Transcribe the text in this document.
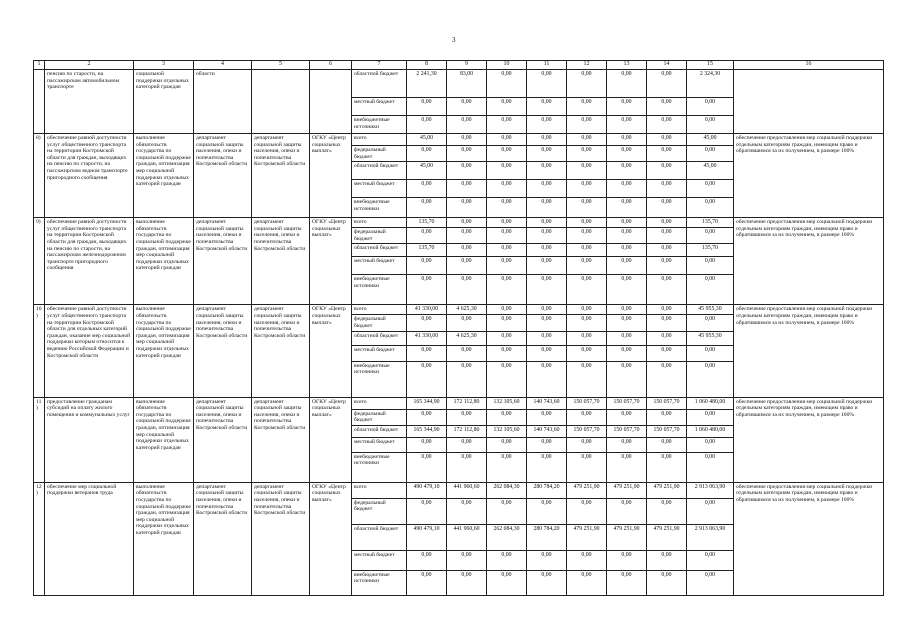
3
1	2	3	4	5	6	7	8	9	10	11	12	13	14	15	16
	пенсию по старости, на пассажирском автомобильном транспорте	социальной поддержки отдельных категорий граждан	области			областной бюджет	2 241,30	83,00	0,00	0,00	0,00	0,00	0,00	2 324,30	
						местный бюджет	0,00	0,00	0,00	0,00	0,00	0,00	0,00	0,00	
						внебюджетные источники	0,00	0,00	0,00	0,00	0,00	0,00	0,00	0,00	
8)	обеспечение равной доступности услуг общественного транспорта на территории Костромской области для граждан, выходящих на пенсию по старости, на пассажирском водном транспорте пригородного сообщения	выполнение обязательств государства по социальной поддержке граждан, оптимизация мер социальной поддержки отдельных категорий граждан	департамент социальной защиты населения, опеки и попечительства Костромской области	департамент социальной защиты населения, опеки и попечительства Костромской области	ОГКУ «Центр социальных выплат»	всего	45,00	0,00	0,00	0,00	0,00	0,00	0,00	45,00	обеспечение предоставления мер социальной поддержки отдельным категориям граждан, имеющим право и обратившимся за их получением, в размере 100%
						федеральный бюджет	0,00	0,00	0,00	0,00	0,00	0,00	0,00	0,00	
						областной бюджет	45,00	0,00	0,00	0,00	0,00	0,00	0,00	45,00	
						местный бюджет	0,00	0,00	0,00	0,00	0,00	0,00	0,00	0,00	
						внебюджетные источники	0,00	0,00	0,00	0,00	0,00	0,00	0,00	0,00	
9)	обеспечение равной доступности услуг общественного транспорта на территории Костромской области для граждан, выходящих на пенсию по старости, на пассажирском железнодорожном транспорте пригородного сообщения	выполнение обязательств государства по социальной поддержке граждан, оптимизация мер социальной поддержки отдельных категорий граждан	департамент социальной защиты населения, опеки и попечительства Костромской области	департамент социальной защиты населения, опеки и попечительства Костромской области	ОГКУ «Центр социальных выплат»	всего	135,70	0,00	0,00	0,00	0,00	0,00	0,00	135,70	обеспечение предоставления мер социальной поддержки отдельным категориям граждан, имеющим право и обратившимся за их получением, в размере 100%
						федеральный бюджет	0,00	0,00	0,00	0,00	0,00	0,00	0,00	0,00	
						областной бюджет	135,70	0,00	0,00	0,00	0,00	0,00	0,00	135,70	
						местный бюджет	0,00	0,00	0,00	0,00	0,00	0,00	0,00	0,00	
						внебюджетные источники	0,00	0,00	0,00	0,00	0,00	0,00	0,00	0,00	
10)	обеспечение равной доступности услуг общественного транспорта на территории Костромской области для отдельных категорий граждан, оказание мер социальной поддержки которым относится к ведению Российской Федерации и Костромской области	выполнение обязательств государства по социальной поддержке граждан, оптимизация мер социальной поддержки отдельных категорий граждан	департамент социальной защиты населения, опеки и попечительства Костромской области	департамент социальной защиты населения, опеки и попечительства Костромской области	ОГКУ «Центр социальных выплат»	всего	41 330,00	4 625,30	0,00	0,00	0,00	0,00	0,00	45 955,30	обеспечение предоставления мер социальной поддержки отдельным категориям граждан, имеющим право и обратившимся за их получением, в размере 100%
						федеральный бюджет	0,00	0,00	0,00	0,00	0,00	0,00	0,00	0,00	
						областной бюджет	41 330,00	4 625,30	0,00	0,00	0,00	0,00	0,00	45 955,30	
						местный бюджет	0,00	0,00	0,00	0,00	0,00	0,00	0,00	0,00	
						внебюджетные источники	0,00	0,00	0,00	0,00	0,00	0,00	0,00	0,00	
11)	предоставление гражданам субсидий на оплату жилого помещения и коммунальных услуг	выполнение обязательств государства по социальной поддержке граждан, оптимизация мер социальной поддержки отдельных категорий граждан	департамент социальной защиты населения, опеки и попечительства Костромской области	департамент социальной защиты населения, опеки и попечительства Костромской области	ОГКУ «Центр социальных выплат»	всего	165 344,90	172 112,80	132 105,60	140 743,60	150 057,70	150 057,70	150 057,70	1 060 480,00	обеспечение предоставления мер социальной поддержки отдельным категориям граждан, имеющим право и обратившимся за их получением, в размере 100%
						федеральный бюджет	0,00	0,00	0,00	0,00	0,00	0,00	0,00	0,00	
						областной бюджет	165 344,90	172 112,80	132 105,60	140 743,60	150 057,70	150 057,70	150 057,70	1 060 480,00	
						местный бюджет	0,00	0,00	0,00	0,00	0,00	0,00	0,00	0,00	
						внебюджетные источники	0,00	0,00	0,00	0,00	0,00	0,00	0,00	0,00	
12)	обеспечение мер социальной поддержки ветеранов труда	выполнение обязательств государства по социальной поддержке граждан, оптимизация мер социальной поддержки отдельных категорий граждан	департамент социальной защиты населения, опеки и попечительства Костромской области	департамент социальной защиты населения, опеки и попечительства Костромской области	ОГКУ «Центр социальных выплат»	всего	490 479,10	441 960,60	262 084,30	280 784,20	479 251,90	479 251,90	479 251,90	2 913 063,90	обеспечение предоставления мер социальной поддержки отдельным категориям граждан, имеющим право и обратившимся за их получением, в размере 100%
						федеральный бюджет	0,00	0,00	0,00	0,00	0,00	0,00	0,00	0,00	
						областной бюджет	490 479,10	441 960,60	262 084,30	280 784,20	479 251,90	479 251,90	479 251,90	2 913 063,90	
						местный бюджет	0,00	0,00	0,00	0,00	0,00	0,00	0,00	0,00	
						внебюджетные источники	0,00	0,00	0,00	0,00	0,00	0,00	0,00	0,00	
